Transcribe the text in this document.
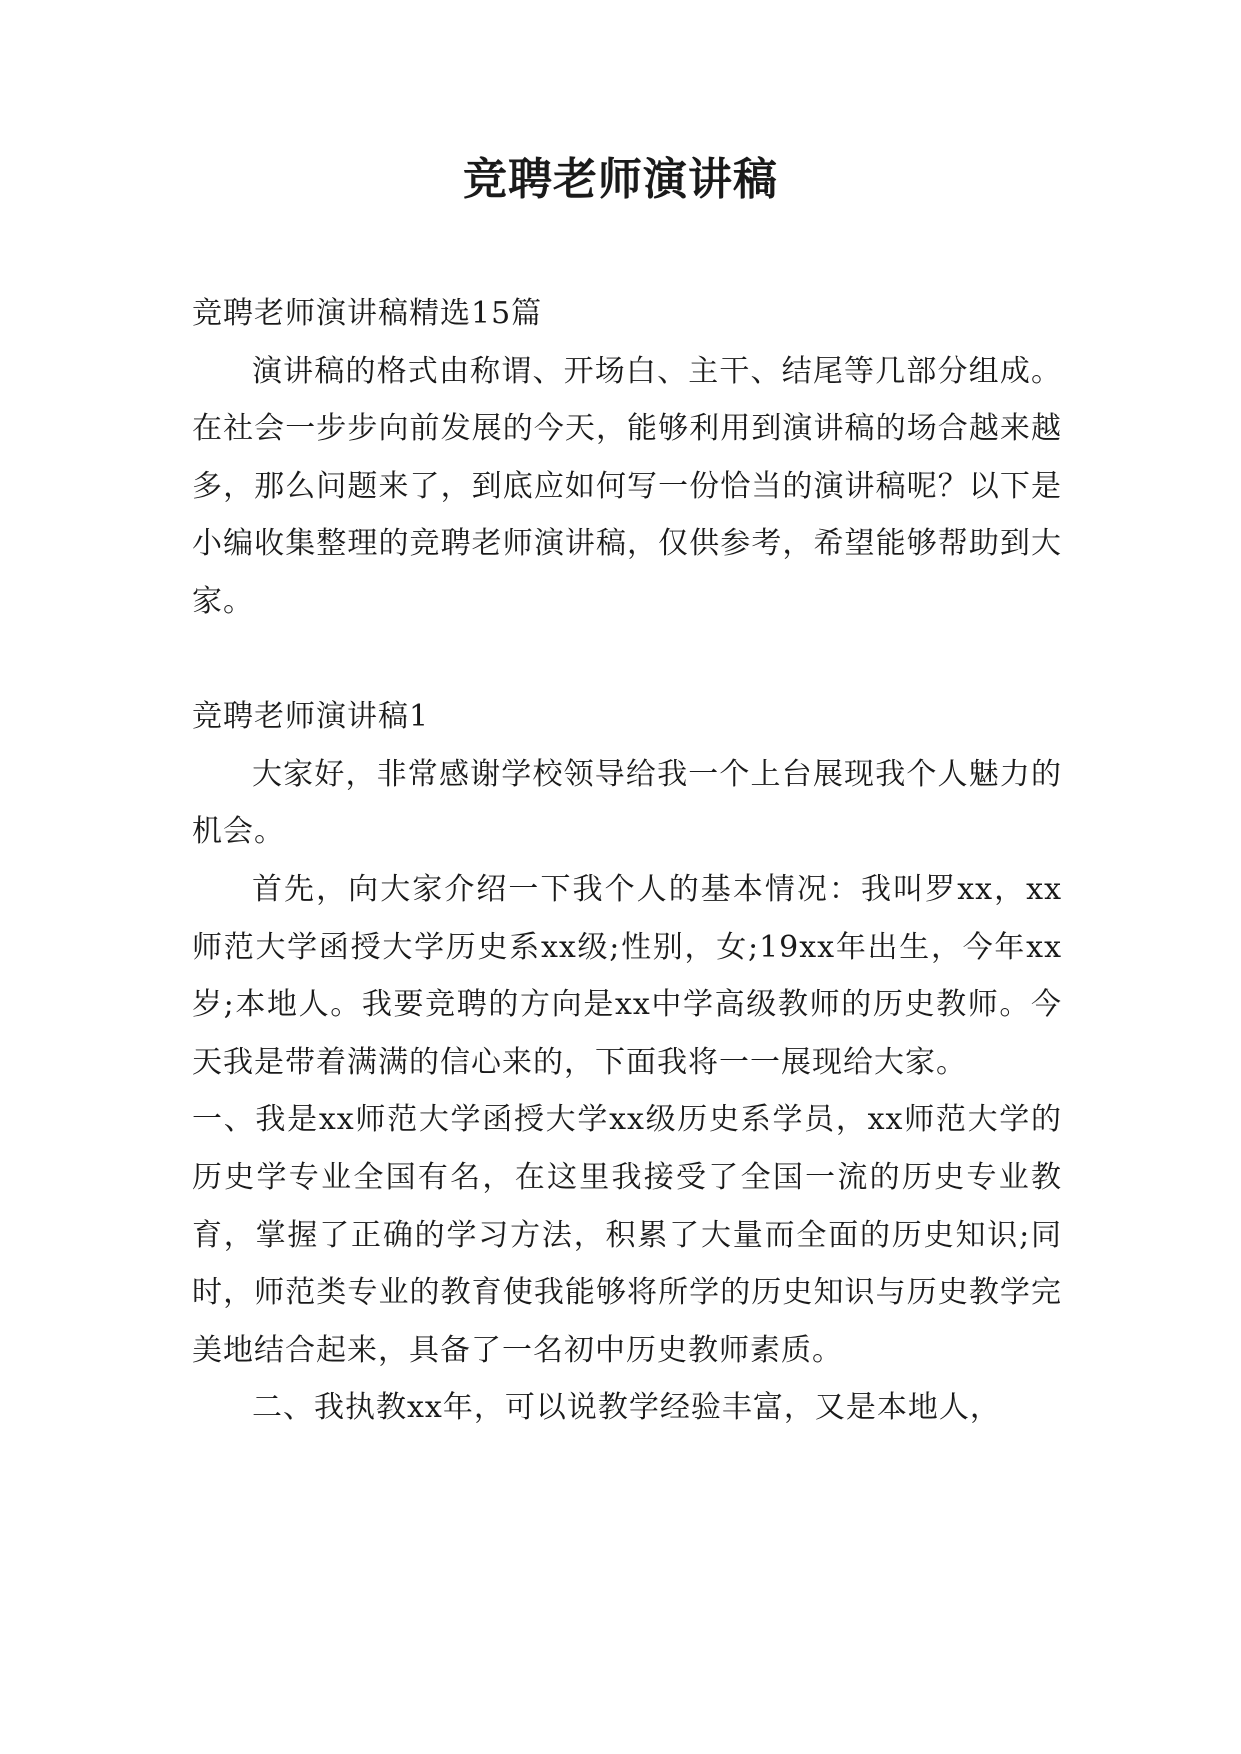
竞聘老师演讲稿

竞聘老师演讲稿精选15篇

演讲稿的格式由称谓、开场白、主干、结尾等几部分组成。在社会一步步向前发展的今天，能够利用到演讲稿的场合越来越多，那么问题来了，到底应如何写一份恰当的演讲稿呢？以下是小编收集整理的竞聘老师演讲稿，仅供参考，希望能够帮助到大家。

竞聘老师演讲稿1

大家好，非常感谢学校领导给我一个上台展现我个人魅力的机会。

首先，向大家介绍一下我个人的基本情况：我叫罗xx，xx师范大学函授大学历史系xx级;性别，女;19xx年出生，今年xx岁;本地人。我要竞聘的方向是xx中学高级教师的历史教师。今天我是带着满满的信心来的，下面我将一一展现给大家。

一、我是xx师范大学函授大学xx级历史系学员，xx师范大学的历史学专业全国有名，在这里我接受了全国一流的历史专业教育，掌握了正确的学习方法，积累了大量而全面的历史知识;同时，师范类专业的教育使我能够将所学的历史知识与历史教学完美地结合起来，具备了一名初中历史教师素质。

二、我执教xx年，可以说教学经验丰富，又是本地人，
